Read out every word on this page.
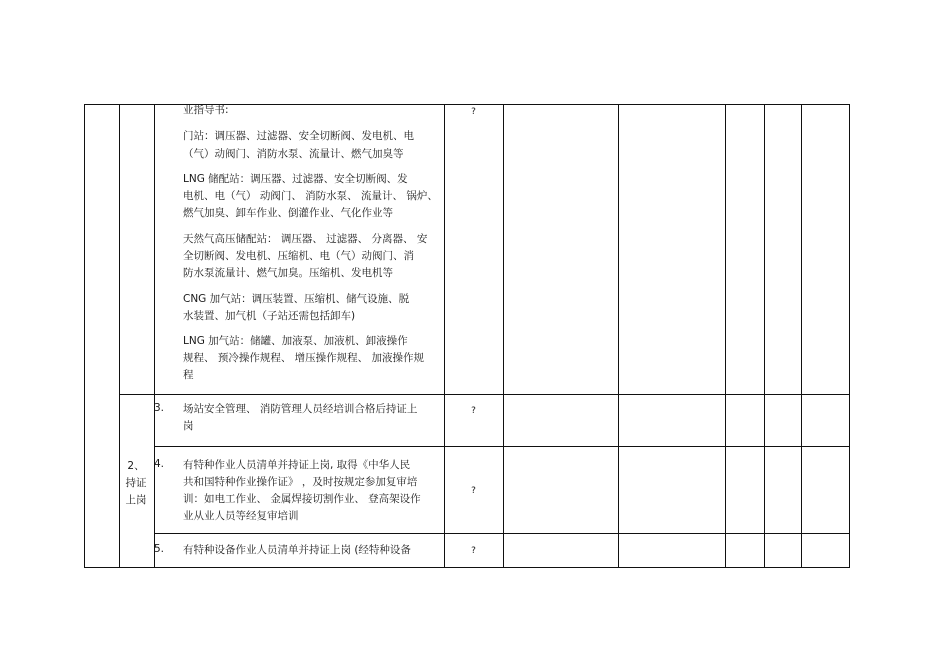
2、
持证
上岗
业指导书:
门站：调压器、过滤器、安全切断阀、发电机、电
（气）动阀门、消防水泵、流量计、燃气加臭等
LNG 储配站：调压器、过滤器、安全切断阀、发
电机、电（气） 动阀门、 消防水泵、 流量计、 锅炉、
燃气加臭、卸车作业、倒灌作业、气化作业等
天然气高压储配站： 调压器、 过滤器、 分离器、 安
全切断阀、发电机、压缩机、电（气）动阀门、消
防水泵流量计、燃气加臭。压缩机、发电机等
CNG 加气站：调压装置、压缩机、储气设施、脱
水装置、加气机（子站还需包括卸车)
LNG 加气站：储罐、加液泵、加液机、卸液操作
规程、 预冷操作规程、 增压操作规程、 加液操作规
程
?
3. 场站安全管理、 消防管理人员经培训合格后持证上
岗
?
4. 有特种作业人员清单并持证上岗, 取得《中华人民
共和国特种作业操作证》 ，及时按规定参加复审培
训：如电工作业、 金属焊接切割作业、 登高架设作
业从业人员等经复审培训
?
5. 有特种设备作业人员清单并持证上岗 (经特种设备	?
